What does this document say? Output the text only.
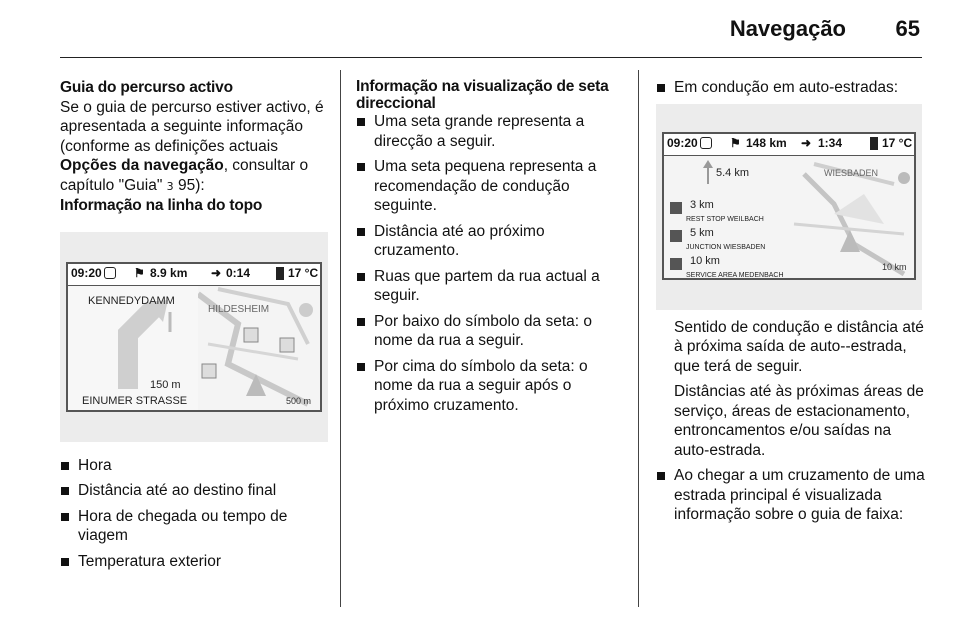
Navegação 65
Guia do percurso activo

Se o guia de percurso estiver activo, é apresentada a seguinte informação (conforme as definições actuais Opções da navegação, consultar o capítulo "Guia" 3 95):

Informação na linha do topo
09:20	⚑ 8.9 km ➜ 0:14	17 °C
KENNEDYDAMM
HILDESHEIM
150 m
EINUMER STRASSE	500 m
Hora
Distância até ao destino final
Hora de chegada ou tempo de viagem
Temperatura exterior
Informação na visualização de seta direccional
Uma seta grande representa a direcção a seguir.
Uma seta pequena representa a recomendação de condução seguinte.
Distância até ao próximo cruzamento.
Ruas que partem da rua actual a seguir.
Por baixo do símbolo da seta: o nome da rua a seguir.
Por cima do símbolo da seta: o nome da rua a seguir após o próximo cruzamento.
Em condução em auto-estradas:
09:20	⚑ 148 km ➜ 1:34	17 °C
5.4 km	WIESBADEN
3 km
REST STOP WEILBACH
5 km
JUNCTION WIESBADEN
10 km
SERVICE AREA MEDENBACH
10 km

Sentido de condução e distância até à próxima saída de auto--estrada, que terá de seguir.

Distâncias até às próximas áreas de serviço, áreas de estacionamento, entroncamentos e/ou saídas na auto-estrada.

Ao chegar a um cruzamento de uma estrada principal é visualizada informação sobre o guia de faixa:
